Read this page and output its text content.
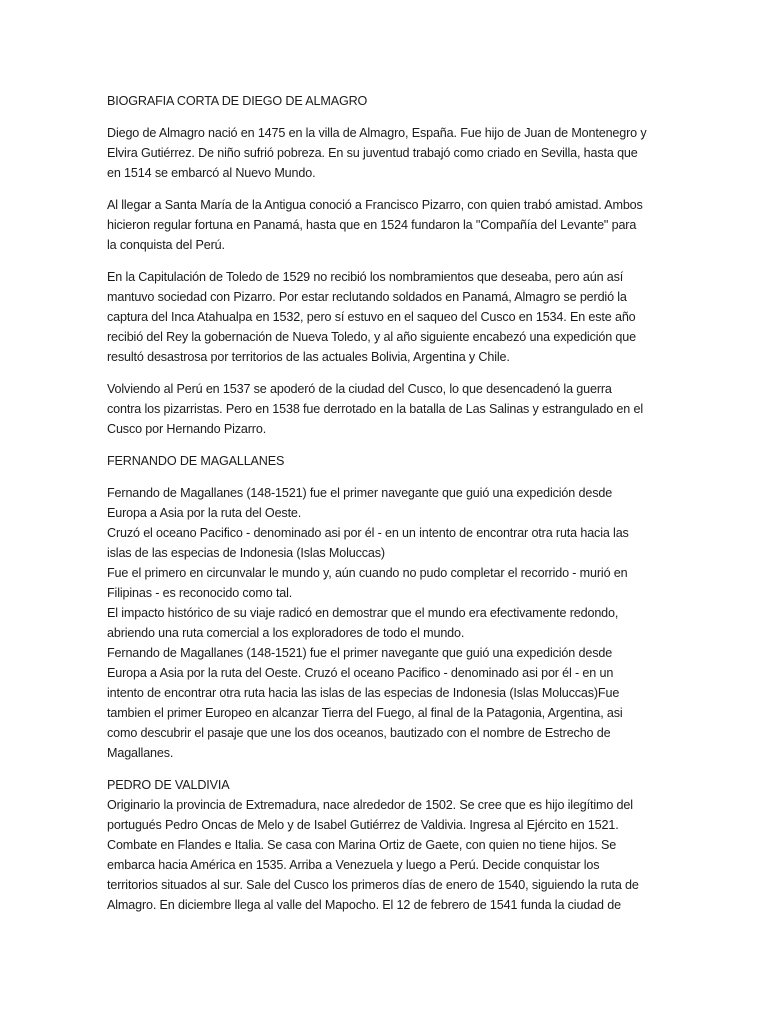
BIOGRAFIA CORTA DE DIEGO DE ALMAGRO

Diego de Almagro nació en 1475 en la villa de Almagro, España. Fue hijo de Juan de Montenegro y Elvira Gutiérrez. De niño sufrió pobreza. En su juventud trabajó como criado en Sevilla, hasta que en 1514 se embarcó al Nuevo Mundo.

Al llegar a Santa María de la Antigua conoció a Francisco Pizarro, con quien trabó amistad. Ambos hicieron regular fortuna en Panamá, hasta que en 1524 fundaron la "Compañía del Levante" para la conquista del Perú.

En la Capitulación de Toledo de 1529 no recibió los nombramientos que deseaba, pero aún así mantuvo sociedad con Pizarro. Por estar reclutando soldados en Panamá, Almagro se perdió la captura del Inca Atahualpa en 1532, pero sí estuvo en el saqueo del Cusco en 1534. En este año recibió del Rey la gobernación de Nueva Toledo, y al año siguiente encabezó una expedición que resultó desastrosa por territorios de las actuales Bolivia, Argentina y Chile.

Volviendo al Perú en 1537 se apoderó de la ciudad del Cusco, lo que desencadenó la guerra contra los pizarristas. Pero en 1538 fue derrotado en la batalla de Las Salinas y estrangulado en el Cusco por Hernando Pizarro.

FERNANDO DE MAGALLANES

Fernando de Magallanes (148-1521) fue el primer navegante que guió una expedición desde Europa a Asia por la ruta del Oeste.

Cruzó el oceano Pacifico - denominado asi por él - en un intento de encontrar otra ruta hacia las islas de las especias de Indonesia (Islas Moluccas)

Fue el primero en circunvalar le mundo y, aún cuando no pudo completar el recorrido - murió en Filipinas - es reconocido como tal.

El impacto histórico de su viaje radicó en demostrar que el mundo era efectivamente redondo, abriendo una ruta comercial a los exploradores de todo el mundo.

Fernando de Magallanes (148-1521) fue el primer navegante que guió una expedición desde Europa a Asia por la ruta del Oeste. Cruzó el oceano Pacifico - denominado asi por él - en un intento de encontrar otra ruta hacia las islas de las especias de Indonesia (Islas Moluccas)Fue tambien el primer Europeo en alcanzar Tierra del Fuego, al final de la Patagonia, Argentina, asi como descubrir el pasaje que une los dos oceanos, bautizado con el nombre de Estrecho de Magallanes.

PEDRO DE VALDIVIA

Originario la provincia de Extremadura, nace alrededor de 1502. Se cree que es hijo ilegítimo del portugués Pedro Oncas de Melo y de Isabel Gutiérrez de Valdivia. Ingresa al Ejército en 1521. Combate en Flandes e Italia. Se casa con Marina Ortiz de Gaete, con quien no tiene hijos. Se embarca hacia América en 1535. Arriba a Venezuela y luego a Perú. Decide conquistar los territorios situados al sur. Sale del Cusco los primeros días de enero de 1540, siguiendo la ruta de Almagro. En diciembre llega al valle del Mapocho. El 12 de febrero de 1541 funda la ciudad de
